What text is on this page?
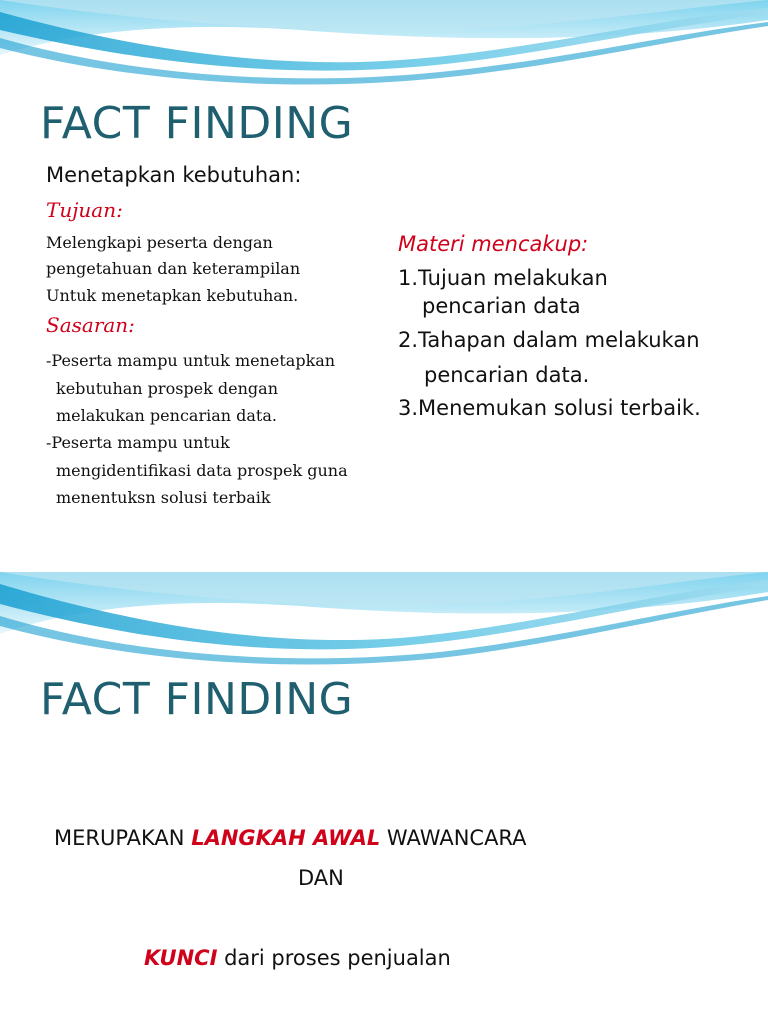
FACT FINDING
Menetapkan kebutuhan:
Tujuan:
Melengkapi peserta dengan
pengetahuan dan keterampilan
Untuk menetapkan kebutuhan.
Sasaran:
-Peserta mampu untuk menetapkan
kebutuhan prospek dengan
melakukan pencarian data.
-Peserta mampu untuk
mengidentifikasi data prospek guna
menentuksn solusi terbaik
Materi mencakup:
1.Tujuan melakukan
pencarian data
2.Tahapan dalam melakukan
pencarian data.
3.Menemukan solusi terbaik.
FACT FINDING
MERUPAKAN LANGKAH AWAL WAWANCARA
DAN
KUNCI dari proses penjualan
